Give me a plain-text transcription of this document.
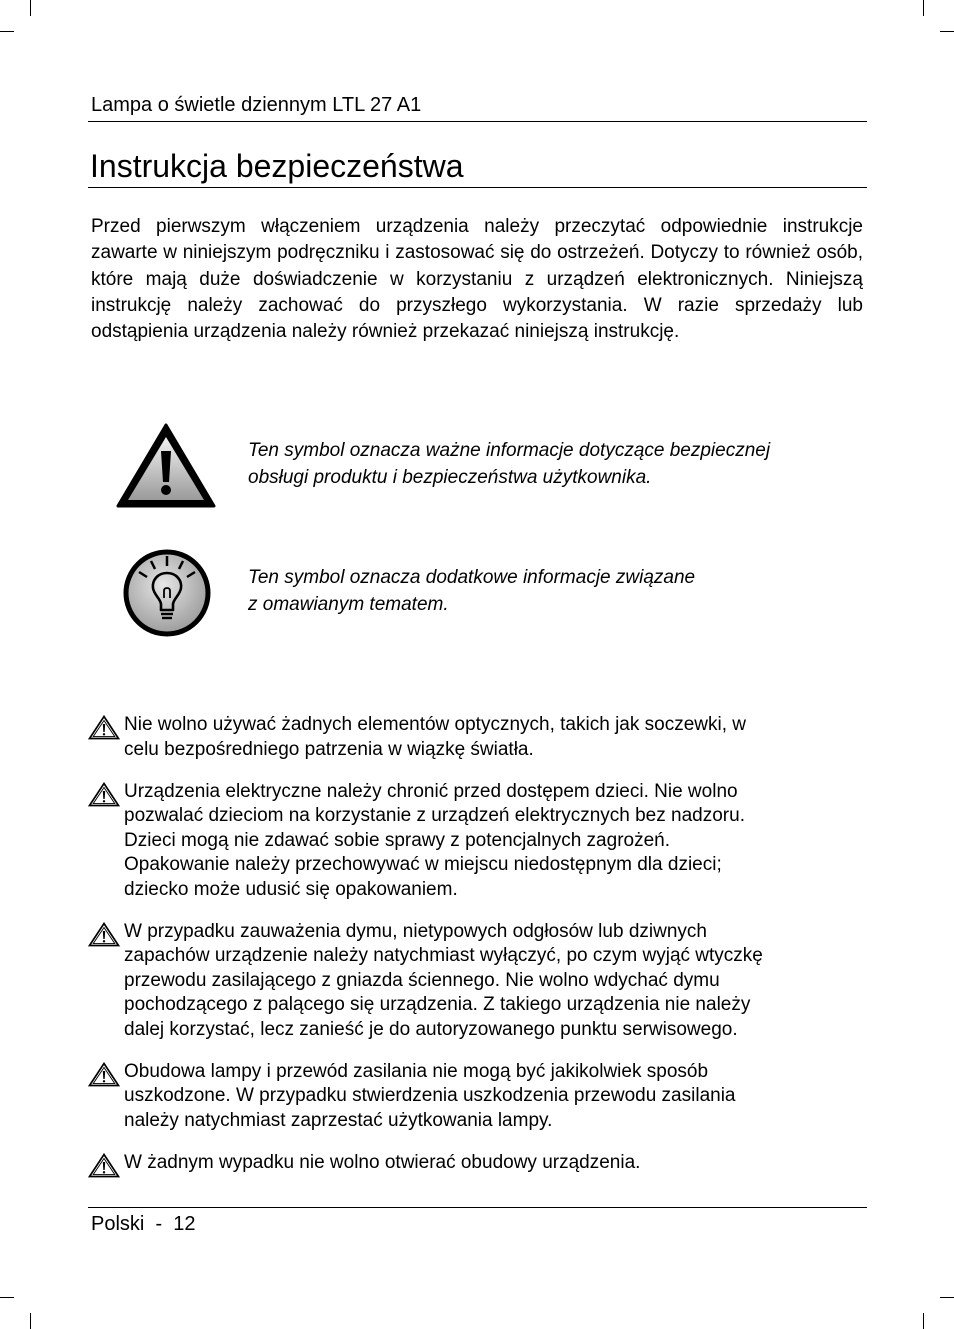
Lampa o świetle dziennym LTL 27 A1
Instrukcja bezpieczeństwa

Przed pierwszym włączeniem urządzenia należy przeczytać odpowiednie instrukcje zawarte w niniejszym podręczniku i zastosować się do ostrzeżeń. Dotyczy to również osób, które mają duże doświadczenie w korzystaniu z urządzeń elektronicznych. Niniejszą instrukcję należy zachować do przyszłego wykorzystania. W razie sprzedaży lub odstąpienia urządzenia należy również przekazać niniejszą instrukcję.

Ten symbol oznacza ważne informacje dotyczące bezpiecznej
obsługi produktu i bezpieczeństwa użytkownika.

Ten symbol oznacza dodatkowe informacje związane
z omawianym tematem.

Nie wolno używać żadnych elementów optycznych, takich jak soczewki, w
celu bezpośredniego patrzenia w wiązkę światła.

Urządzenia elektryczne należy chronić przed dostępem dzieci. Nie wolno
pozwalać dzieciom na korzystanie z urządzeń elektrycznych bez nadzoru.
Dzieci mogą nie zdawać sobie sprawy z potencjalnych zagrożeń.
Opakowanie należy przechowywać w miejscu niedostępnym dla dzieci;
dziecko może udusić się opakowaniem.

W przypadku zauważenia dymu, nietypowych odgłosów lub dziwnych
zapachów urządzenie należy natychmiast wyłączyć, po czym wyjąć wtyczkę
przewodu zasilającego z gniazda ściennego. Nie wolno wdychać dymu
pochodzącego z palącego się urządzenia. Z takiego urządzenia nie należy
dalej korzystać, lecz zanieść je do autoryzowanego punktu serwisowego.

Obudowa lampy i przewód zasilania nie mogą być jakikolwiek sposób
uszkodzone. W przypadku stwierdzenia uszkodzenia przewodu zasilania
należy natychmiast zaprzestać użytkowania lampy.

W żadnym wypadku nie wolno otwierać obudowy urządzenia.

Polski  -  12
